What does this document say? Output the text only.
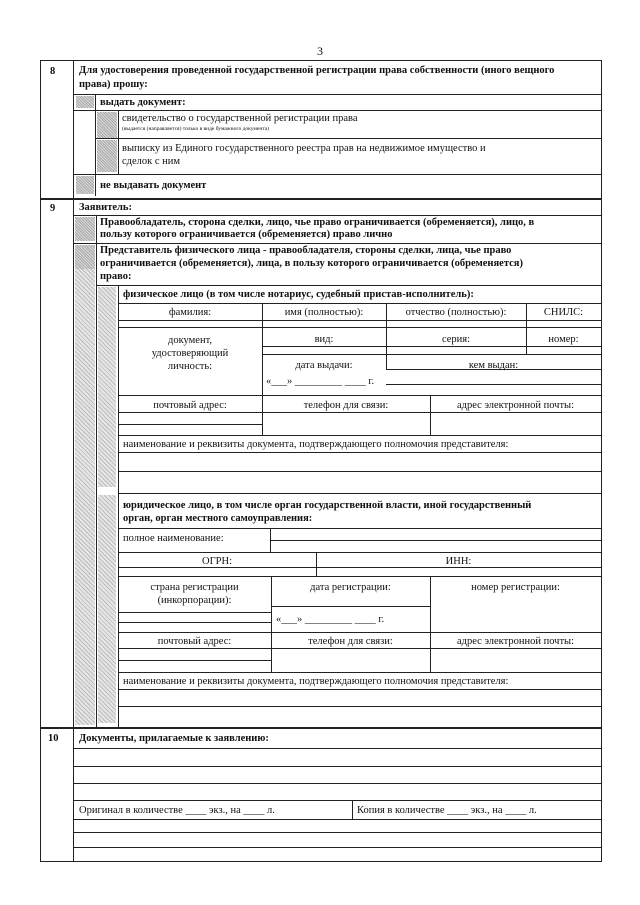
3
8 Для удостоверения проведенной государственной регистрации права собственности (иного вещного
права) прошу:
выдать документ:
свидетельство о государственной регистрации права
(выдается (направляется) только в виде бумажного документа)
выписку из Единого государственного реестра прав на недвижимое имущество и
сделок с ним
не выдавать документ
9 Заявитель:
Правообладатель, сторона сделки, лицо, чье право ограничивается (обременяется), лицо, в
пользу которого ограничивается (обременяется) право лично
Представитель физического лица - правообладателя, стороны сделки, лица, чье право
ограничивается (обременяется), лица, в пользу которого ограничивается (обременяется)
право:
физическое лицо (в том числе нотариус, судебный пристав-исполнитель):
фамилия:	имя (полностью):	отчество (полностью):	СНИЛС:
документ,
удостоверяющий
личность:
вид:	серия:	номер:
дата выдачи:	кем выдан:
«___» _________ ____ г.
почтовый адрес:	телефон для связи:	адрес электронной почты:
наименование и реквизиты документа, подтверждающего полномочия представителя:
юридическое лицо, в том числе орган государственной власти, иной государственный
орган, орган местного самоуправления:
полное наименование:
ОГРН:	ИНН:
страна регистрации
(инкорпорации):
дата регистрации:	номер регистрации:
«___» _________ ____ г.
почтовый адрес:	телефон для связи:	адрес электронной почты:
наименование и реквизиты документа, подтверждающего полномочия представителя:
10 Документы, прилагаемые к заявлению:
Оригинал в количестве ____ экз., на ____ л.	Копия в количестве ____ экз., на ____ л.
